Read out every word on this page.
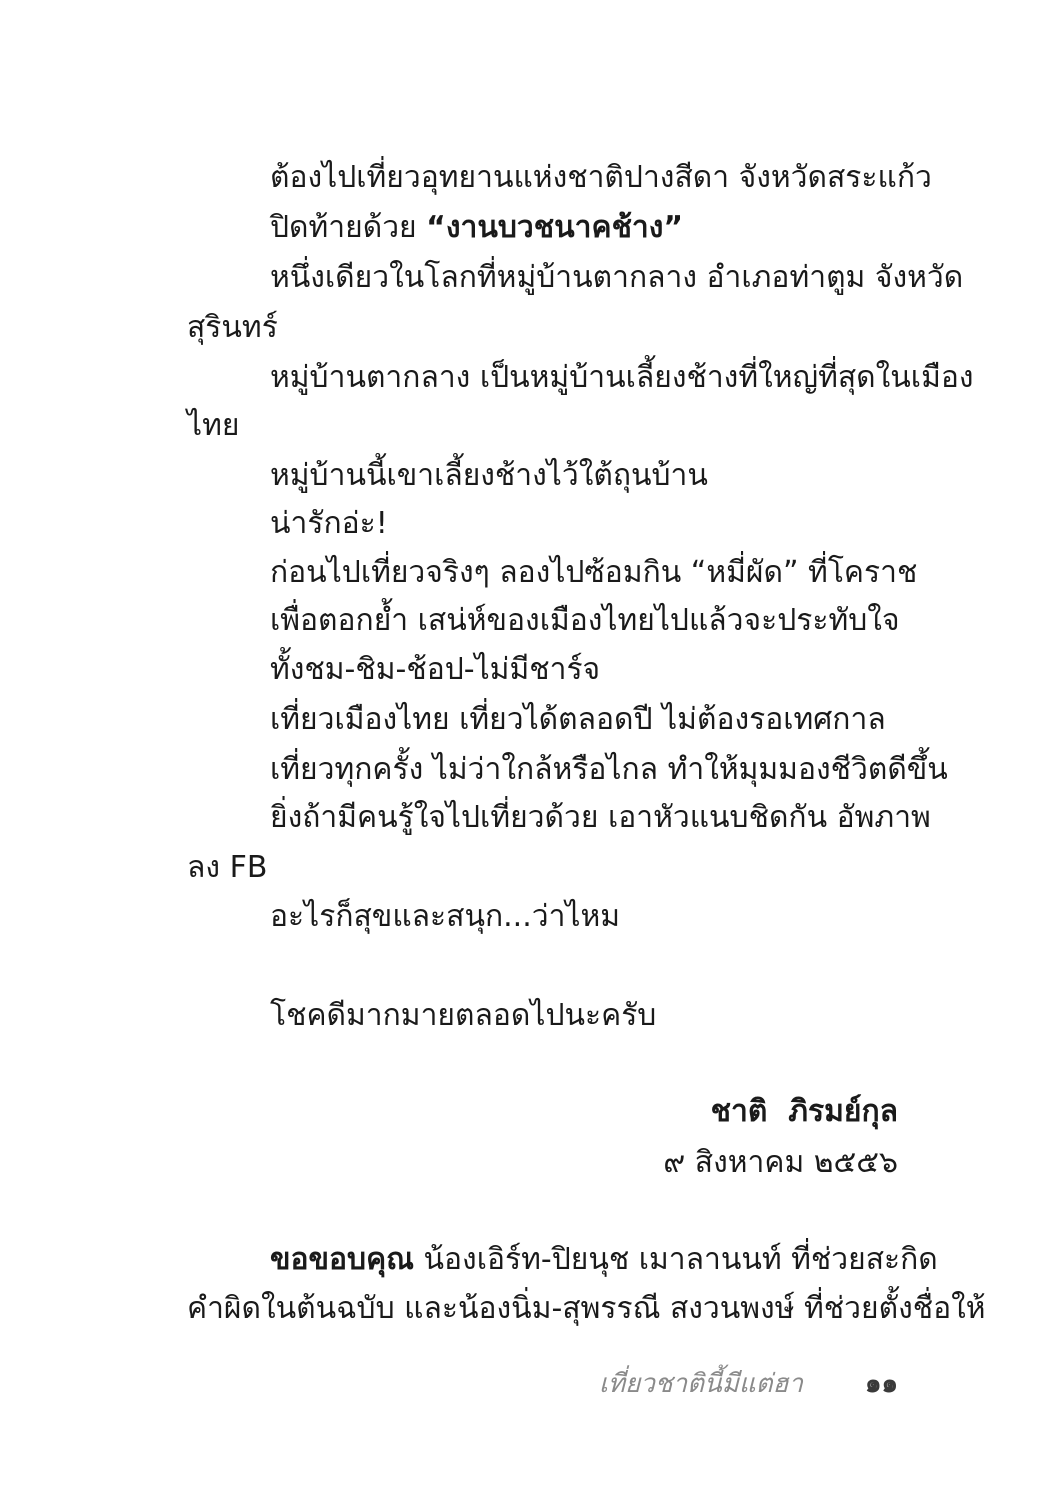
ต้องไปเที่ยวอุทยานแห่งชาติปางสีดา จังหวัดสระแก้ว
ปิดท้ายด้วย “งานบวชนาคช้าง”
หนึ่งเดียวในโลกที่หมู่บ้านตากลาง อำเภอท่าตูม จังหวัด
สุรินทร์
หมู่บ้านตากลาง เป็นหมู่บ้านเลี้ยงช้างที่ใหญ่ที่สุดในเมือง
ไทย
หมู่บ้านนี้เขาเลี้ยงช้างไว้ใต้ถุนบ้าน
น่ารักอ่ะ!
ก่อนไปเที่ยวจริงๆ ลองไปซ้อมกิน “หมี่ผัด” ที่โคราช
เพื่อตอกย้ำ เสน่ห์ของเมืองไทยไปแล้วจะประทับใจ
ทั้งชม-ชิม-ช้อป-ไม่มีชาร์จ
เที่ยวเมืองไทย เที่ยวได้ตลอดปี ไม่ต้องรอเทศกาล
เที่ยวทุกครั้ง ไม่ว่าใกล้หรือไกล ทำให้มุมมองชีวิตดีขึ้น
ยิ่งถ้ามีคนรู้ใจไปเที่ยวด้วย เอาหัวแนบชิดกัน อัพภาพ
ลง FB
อะไรก็สุขและสนุก...ว่าไหม
โชคดีมากมายตลอดไปนะครับ
ชาติ  ภิรมย์กุล
๙ สิงหาคม ๒๕๕๖
ขอขอบคุณ น้องเอิร์ท-ปิยนุช เมาลานนท์ ที่ช่วยสะกิด
คำผิดในต้นฉบับ และน้องนิ่ม-สุพรรณี สงวนพงษ์ ที่ช่วยตั้งชื่อให้
เที่ยวชาตินี้มีแต่ฮา ๑๑
